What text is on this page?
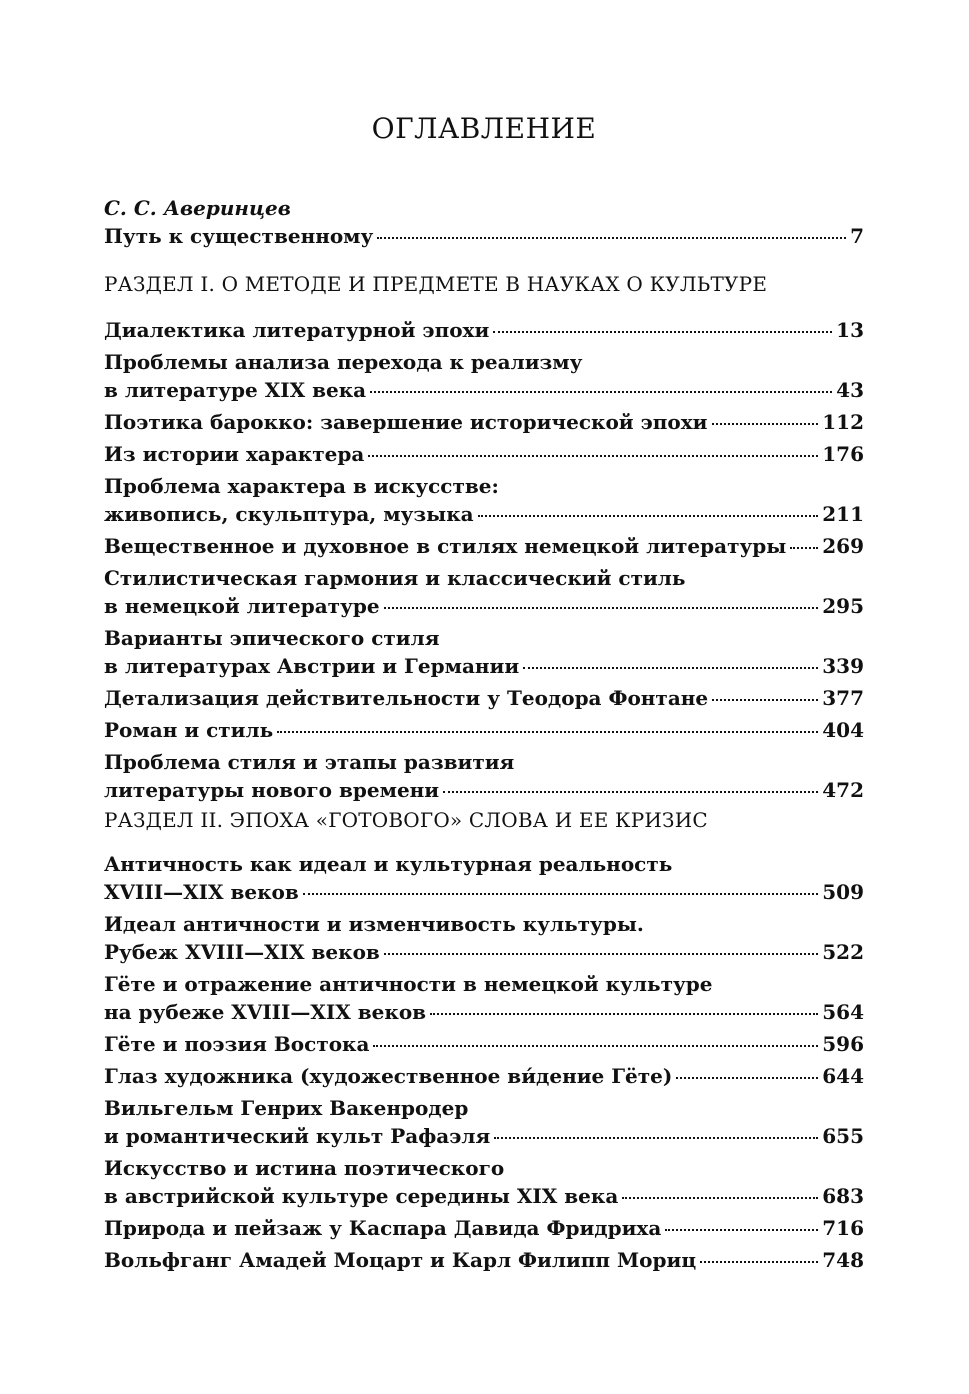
ОГЛАВЛЕНИЕ
С. С. Аверинцев
Путь к существенному	7
РАЗДЕЛ I. О МЕТОДЕ И ПРЕДМЕТЕ В НАУКАХ О КУЛЬТУРЕ
Диалектика литературной эпохи	13
Проблемы анализа перехода к реализму
в литературе XIX века	43
Поэтика барокко: завершение исторической эпохи	112
Из истории характера	176
Проблема характера в искусстве:
живопись, скульптура, музыка	211
Вещественное и духовное в стилях немецкой литературы 269
Стилистическая гармония и классический стиль
в немецкой литературе	295
Варианты эпического стиля
в литературах Австрии и Германии	339
Детализация действительности у Теодора Фонтане	377
Роман и стиль	404
Проблема стиля и этапы развития
литературы нового времени	472
РАЗДЕЛ II. ЭПОХА «ГОТОВОГО» СЛОВА И ЕЕ КРИЗИС
Античность как идеал и культурная реальность
XVIII—XIX веков	509
Идеал античности и изменчивость культуры.
Рубеж XVIII—XIX веков	522
Гёте и отражение античности в немецкой культуре
на рубеже XVIII—XIX веков	564
Гёте и поэзия Востока	596
Глаз художника (художественное ви́дение Гёте)	644
Вильгельм Генрих Вакенродер
и романтический культ Рафаэля	655
Искусство и истина поэтического
в австрийской культуре середины XIX века	683
Природа и пейзаж у Каспара Давида Фридриха	716
Вольфганг Амадей Моцарт и Карл Филипп Мориц	748
